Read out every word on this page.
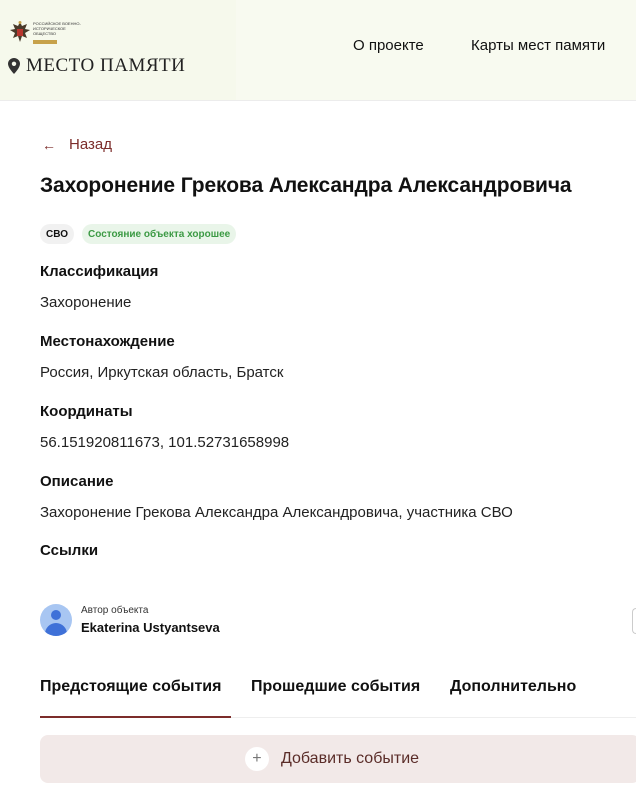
РОССИЙСКОЕ ВОЕННО-ИСТОРИЧЕСКОЕ ОБЩЕСТВО
МЕСТО ПАМЯТИ
О проекте	Карты мест памяти
← Назад
Захоронение Грекова Александра Александровича
СВО	Состояние объекта хорошее
Классификация
Захоронение
Местонахождение
Россия, Иркутская область, Братск
Координаты
56.151920811673, 101.52731658998
Описание
Захоронение Грекова Александра Александровича, участника СВО
Ссылки
Автор объекта
Ekaterina Ustyantseva
Предстоящие события	Прошедшие события Дополнительно
+	Добавить событие
